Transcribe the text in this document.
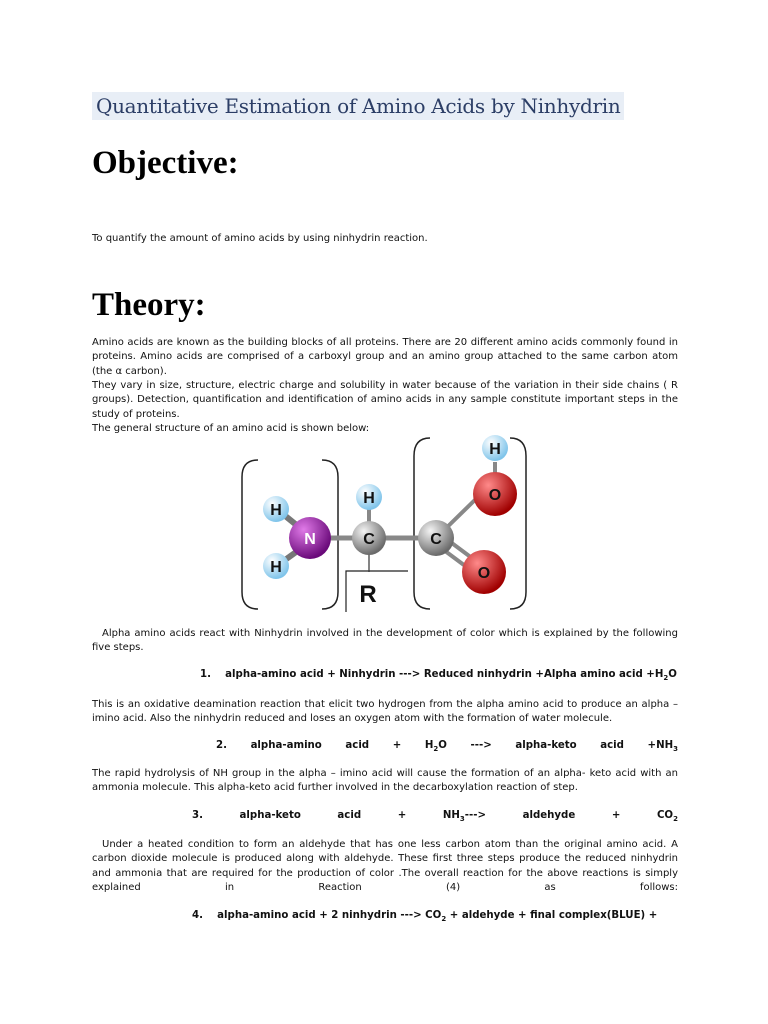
Quantitative Estimation of Amino Acids by Ninhydrin
Objective:
To quantify the amount of amino acids by using ninhydrin reaction.
Theory:
Amino acids are known as the building blocks of all proteins. There are 20 different amino acids commonly found in proteins. Amino acids are comprised of a carboxyl group and an amino group attached to the same carbon atom (the α carbon).
They vary in size, structure, electric charge and solubility in water because of the variation in their side chains ( R groups). Detection, quantification and identification of amino acids in any sample constitute important steps in the study of proteins.
The general structure of an amino acid is shown below:
H
H
H
H
N	C	C
O
O
R
Alpha amino acids react with Ninhydrin involved in the development of color which is explained by the following five steps.
1. alpha-amino acid + Ninhydrin ---> Reduced ninhydrin +Alpha amino acid $+H_2O$
This is an oxidative deamination reaction that elicit two hydrogen from the alpha amino acid to produce an alpha – imino acid. Also the ninhydrin reduced and loses an oxygen atom with the formation of water molecule.
2. alpha-amino acid + $H_2O$ ---> alpha-keto acid $+NH_3$
The rapid hydrolysis of NH group in the alpha – imino acid will cause the formation of an alpha- keto acid with an ammonia molecule. This alpha-keto acid further involved in the decarboxylation reaction of step.
3.	alpha-keto	acid	+	$NH_3--->$	aldehyde	+	$CO_2$
Under a heated condition to form an aldehyde that has one less carbon atom than the original amino acid. A carbon dioxide molecule is produced along with aldehyde. These first three steps produce the reduced ninhydrin and ammonia that are required for the production of color .The overall reaction for the above reactions is simply explained in Reaction (4) as follows:
4. alpha-amino acid + 2 ninhydrin ---> $CO_2$ + aldehyde + final complex(BLUE) +
